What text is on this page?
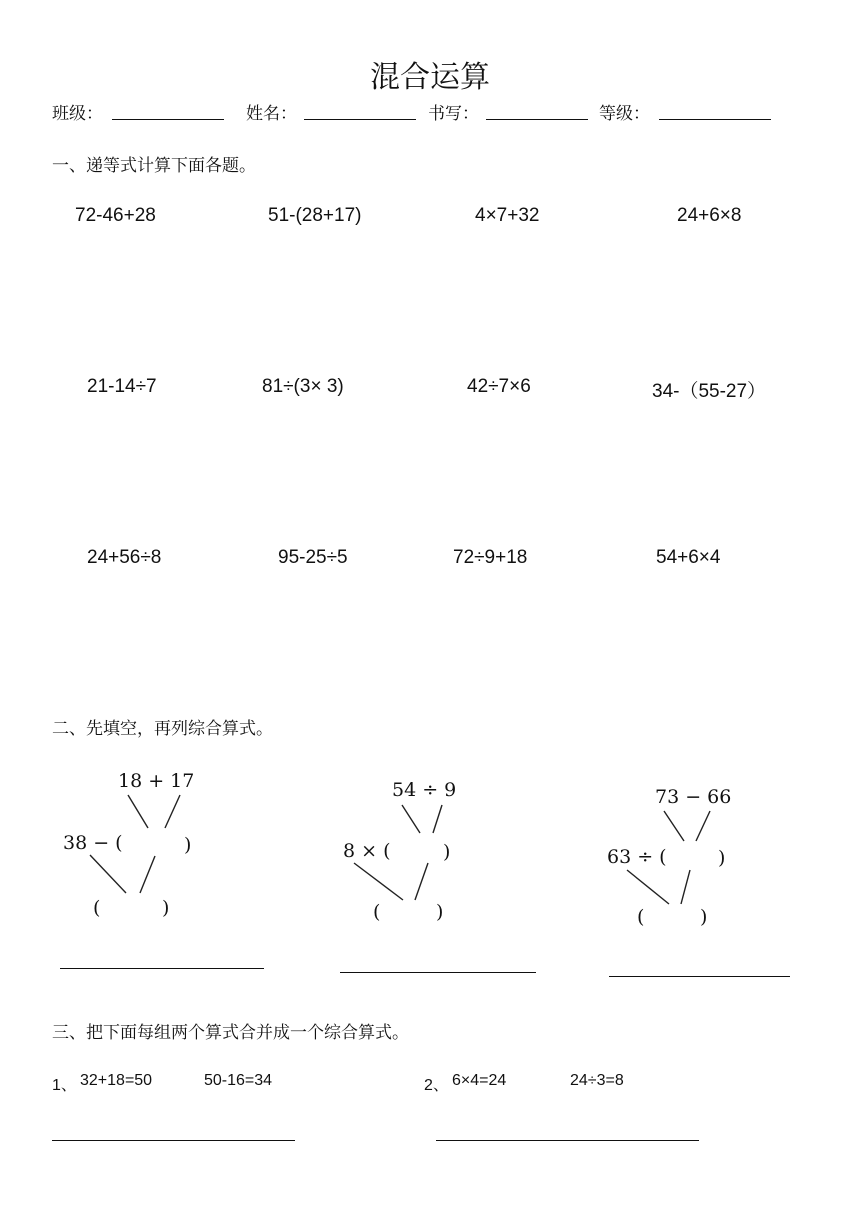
混合运算
班级：	姓名：	书写：	等级：
一、递等式计算下面各题。
72-46+28	51-(28+17)	4×7+32	24+6×8
21-14÷7	81÷(3× 3)	42÷7×6	34-（55-27）
24+56÷8	95-25÷5	72÷9+18	54+6×4
二、先填空，再列综合算式。
18 + 17
38 − (	)
(	)
54 ÷ 9
8 × (	)
(	)
73 − 66
63 ÷ (	)
(	)
三、把下面每组两个算式合并成一个综合算式。
1、 32+18=50	50-16=34	2、 6×4=24	24÷3=8
